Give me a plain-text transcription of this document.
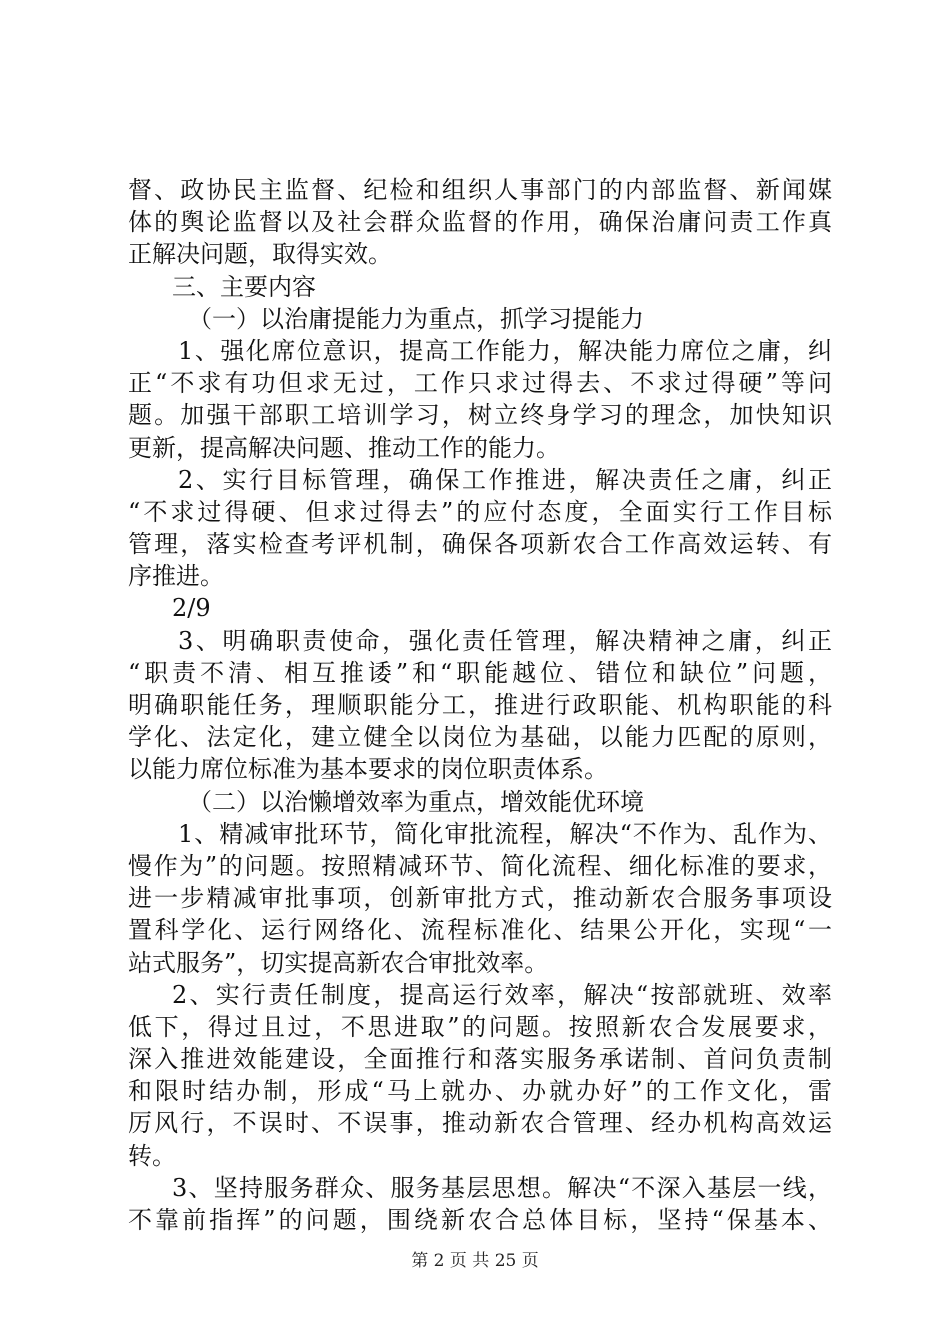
督、政协民主监督、纪检和组织人事部门的内部监督、新闻媒
体的舆论监督以及社会群众监督的作用，确保治庸问责工作真
正解决问题，取得实效。
三、主要内容
（一）以治庸提能力为重点，抓学习提能力
1、强化席位意识，提高工作能力，解决能力席位之庸，纠
正“不求有功但求无过，工作只求过得去、不求过得硬”等问
题。加强干部职工培训学习，树立终身学习的理念，加快知识
更新，提高解决问题、推动工作的能力。
2、实行目标管理，确保工作推进，解决责任之庸，纠正
“不求过得硬、但求过得去”的应付态度，全面实行工作目标
管理，落实检查考评机制，确保各项新农合工作高效运转、有
序推进。
2/9
3、明确职责使命，强化责任管理，解决精神之庸，纠正
“职责不清、相互推诿”和“职能越位、错位和缺位”问题，
明确职能任务，理顺职能分工，推进行政职能、机构职能的科
学化、法定化，建立健全以岗位为基础，以能力匹配的原则，
以能力席位标准为基本要求的岗位职责体系。
（二）以治懒增效率为重点，增效能优环境
1、精减审批环节，简化审批流程，解决“不作为、乱作为、
慢作为”的问题。按照精减环节、简化流程、细化标准的要求，
进一步精减审批事项，创新审批方式，推动新农合服务事项设
置科学化、运行网络化、流程标准化、结果公开化，实现“一
站式服务”，切实提高新农合审批效率。
2、实行责任制度，提高运行效率，解决“按部就班、效率
低下，得过且过，不思进取”的问题。按照新农合发展要求，
深入推进效能建设，全面推行和落实服务承诺制、首问负责制
和限时结办制，形成“马上就办、办就办好”的工作文化，雷
厉风行，不误时、不误事，推动新农合管理、经办机构高效运
转。
3、坚持服务群众、服务基层思想。解决“不深入基层一线，
不靠前指挥”的问题，围绕新农合总体目标，坚持“保基本、
第 2 页 共 25 页
